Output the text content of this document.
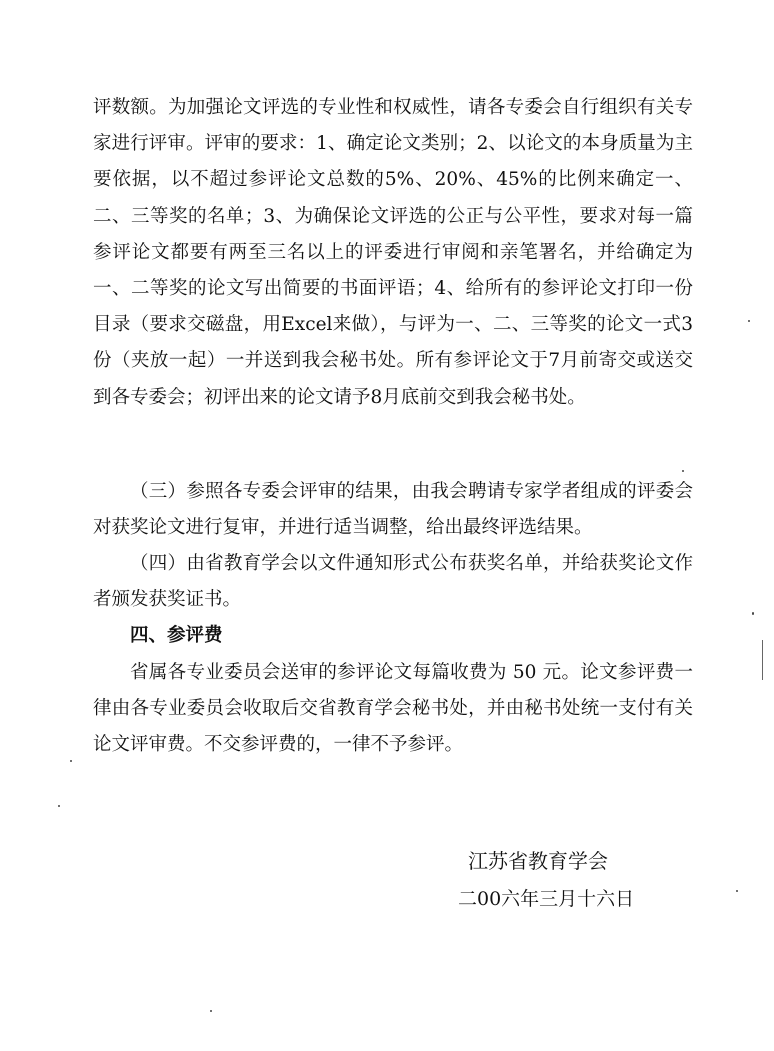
评数额。为加强论文评选的专业性和权威性，请各专委会自行组织有关专家进行评审。评审的要求：1、确定论文类别；2、以论文的本身质量为主要依据，以不超过参评论文总数的5%、20%、45%的比例来确定一、二、三等奖的名单；3、为确保论文评选的公正与公平性，要求对每一篇参评论文都要有两至三名以上的评委进行审阅和亲笔署名，并给确定为一、二等奖的论文写出简要的书面评语；4、给所有的参评论文打印一份目录（要求交磁盘，用Excel来做），与评为一、二、三等奖的论文一式3份（夹放一起）一并送到我会秘书处。所有参评论文于7月前寄交或送交到各专委会；初评出来的论文请予8月底前交到我会秘书处。

（三）参照各专委会评审的结果，由我会聘请专家学者组成的评委会对获奖论文进行复审，并进行适当调整，给出最终评选结果。

（四）由省教育学会以文件通知形式公布获奖名单，并给获奖论文作者颁发获奖证书。

四、参评费

省属各专业委员会送审的参评论文每篇收费为 50 元。论文参评费一律由各专业委员会收取后交省教育学会秘书处，并由秘书处统一支付有关论文评审费。不交参评费的，一律不予参评。

江苏省教育学会
二00六年三月十六日
